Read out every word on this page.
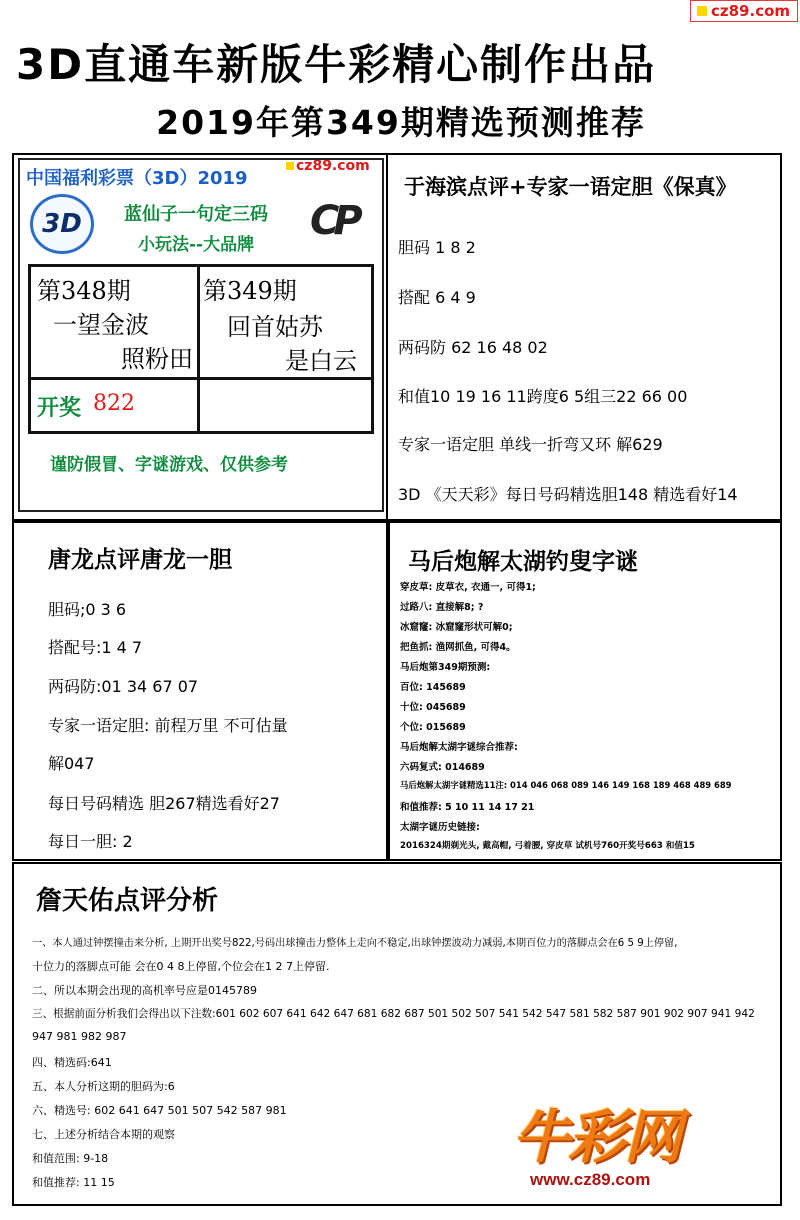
cz89.com
3D直通车新版牛彩精心制作出品
2019年第349期精选预测推荐
中国福利彩票（3D）2019
cz89.com
3D	蓝仙子一句定三码
小玩法--大品牌
CP
第348期
一望金波
照粉田
第349期
回首姑苏
是白云
开奖 822
谨防假冒、字谜游戏、仅供参考
于海滨点评+专家一语定胆《保真》
胆码 1 8 2
搭配 6 4 9
两码防 62 16 48 02
和值10 19 16 11跨度6 5组三22 66 00
专家一语定胆 单线一折弯又环 解629
3D 《天天彩》每日号码精选胆148 精选看好14
唐龙点评唐龙一胆
胆码;0 3 6
搭配号:1 4 7
两码防:01 34 67 07
专家一语定胆: 前程万里 不可估量
解047
每日号码精选 胆267精选看好27
每日一胆: 2
马后炮解太湖钓叟字谜
穿皮草: 皮草衣, 衣通一, 可得1;
过路八: 直接解8; ?
冰窟窿: 冰窟窿形状可解0;
把鱼抓: 渔网抓鱼, 可得4。
马后炮第349期预测:
百位: 145689
十位: 045689
个位: 015689
马后炮解太湖字谜综合推荐:
六码复式: 014689
马后炮解太湖字谜精选11注: 014 046 068 089 146 149 168 189 468 489 689
和值推荐: 5 10 11 14 17 21
太湖字谜历史链接:
2016324期剃光头, 戴高帽, 弓着腰, 穿皮草 试机号760开奖号663 和值15
詹天佑点评分析
一、本人通过钟摆撞击来分析, 上期开出奖号822,号码出球撞击力整体上走向不稳定,出球钟摆波动力减弱,本期百位力的落脚点会在6 5 9上停留,
十位力的落脚点可能 会在0 4 8上停留,个位会在1 2 7上停留.
二、所以本期会出现的高机率号应是0145789
三、根据前面分析我们会得出以下注数:601 602 607 641 642 647 681 682 687 501 502 507 541 542 547 581 582 587 901 902 907 941 942
947 981 982 987
四、精选码:641
五、本人分析这期的胆码为:6
六、精选号: 602 641 647 501 507 542 587 981
七、上述分析结合本期的观察
和值范围: 9-18
和值推荐: 11 15
牛彩网
www.cz89.com
